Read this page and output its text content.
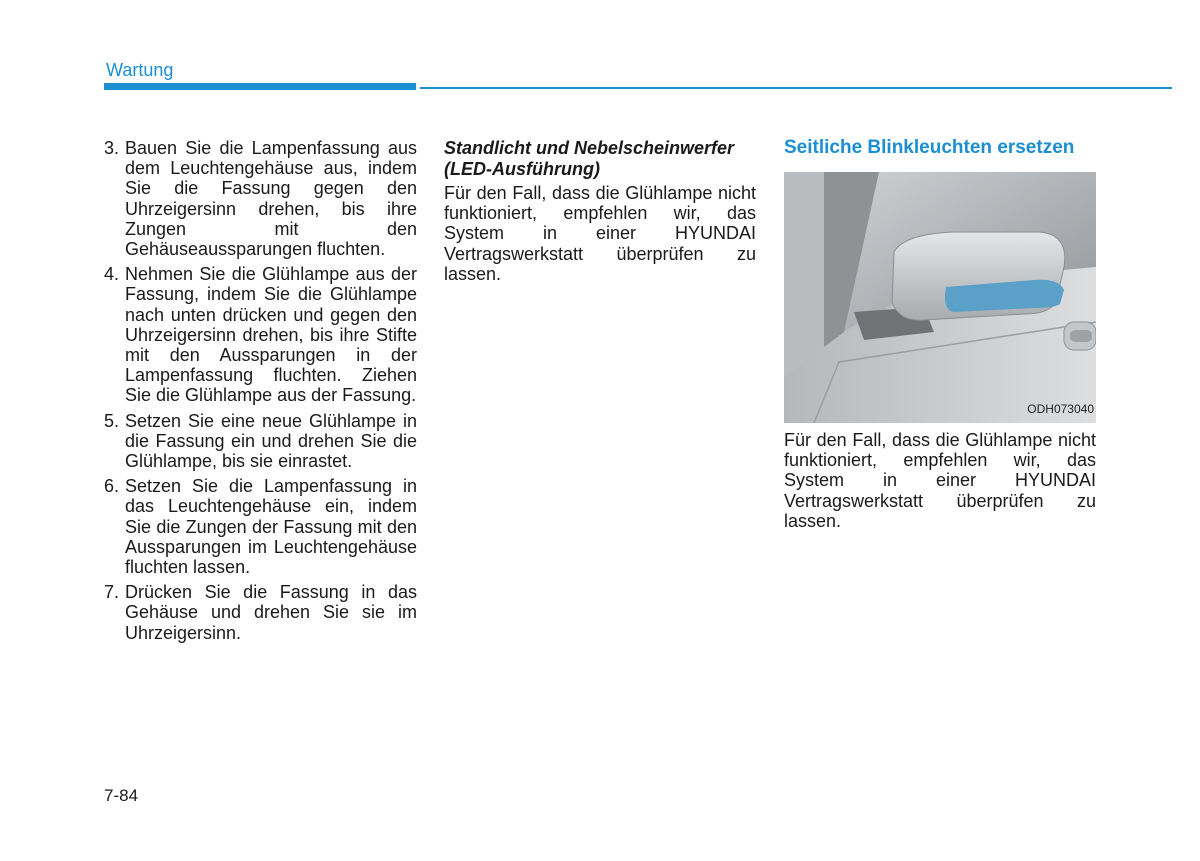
Wartung
3. Bauen Sie die Lampenfassung aus dem Leuchtengehäuse aus, indem Sie die Fassung gegen den Uhrzeigersinn drehen, bis ihre Zungen mit den Gehäuseaussparungen fluchten.
4. Nehmen Sie die Glühlampe aus der Fassung, indem Sie die Glühlampe nach unten drücken und gegen den Uhrzeigersinn drehen, bis ihre Stifte mit den Aussparungen in der Lampenfassung fluchten. Ziehen Sie die Glühlampe aus der Fassung.
5. Setzen Sie eine neue Glühlampe in die Fassung ein und drehen Sie die Glühlampe, bis sie einrastet.
6. Setzen Sie die Lampenfassung in das Leuchtengehäuse ein, indem Sie die Zungen der Fassung mit den Aussparungen im Leuchtengehäuse fluchten lassen.
7. Drücken Sie die Fassung in das Gehäuse und drehen Sie sie im Uhrzeigersinn.
Standlicht und Nebelscheinwerfer (LED-Ausführung)

Für den Fall, dass die Glühlampe nicht funktioniert, empfehlen wir, das System in einer HYUNDAI Vertragswerkstatt überprüfen zu lassen.

Seitliche Blinkleuchten ersetzen
ODH073040

Für den Fall, dass die Glühlampe nicht funktioniert, empfehlen wir, das System in einer HYUNDAI Vertragswerkstatt überprüfen zu lassen.

7-84
